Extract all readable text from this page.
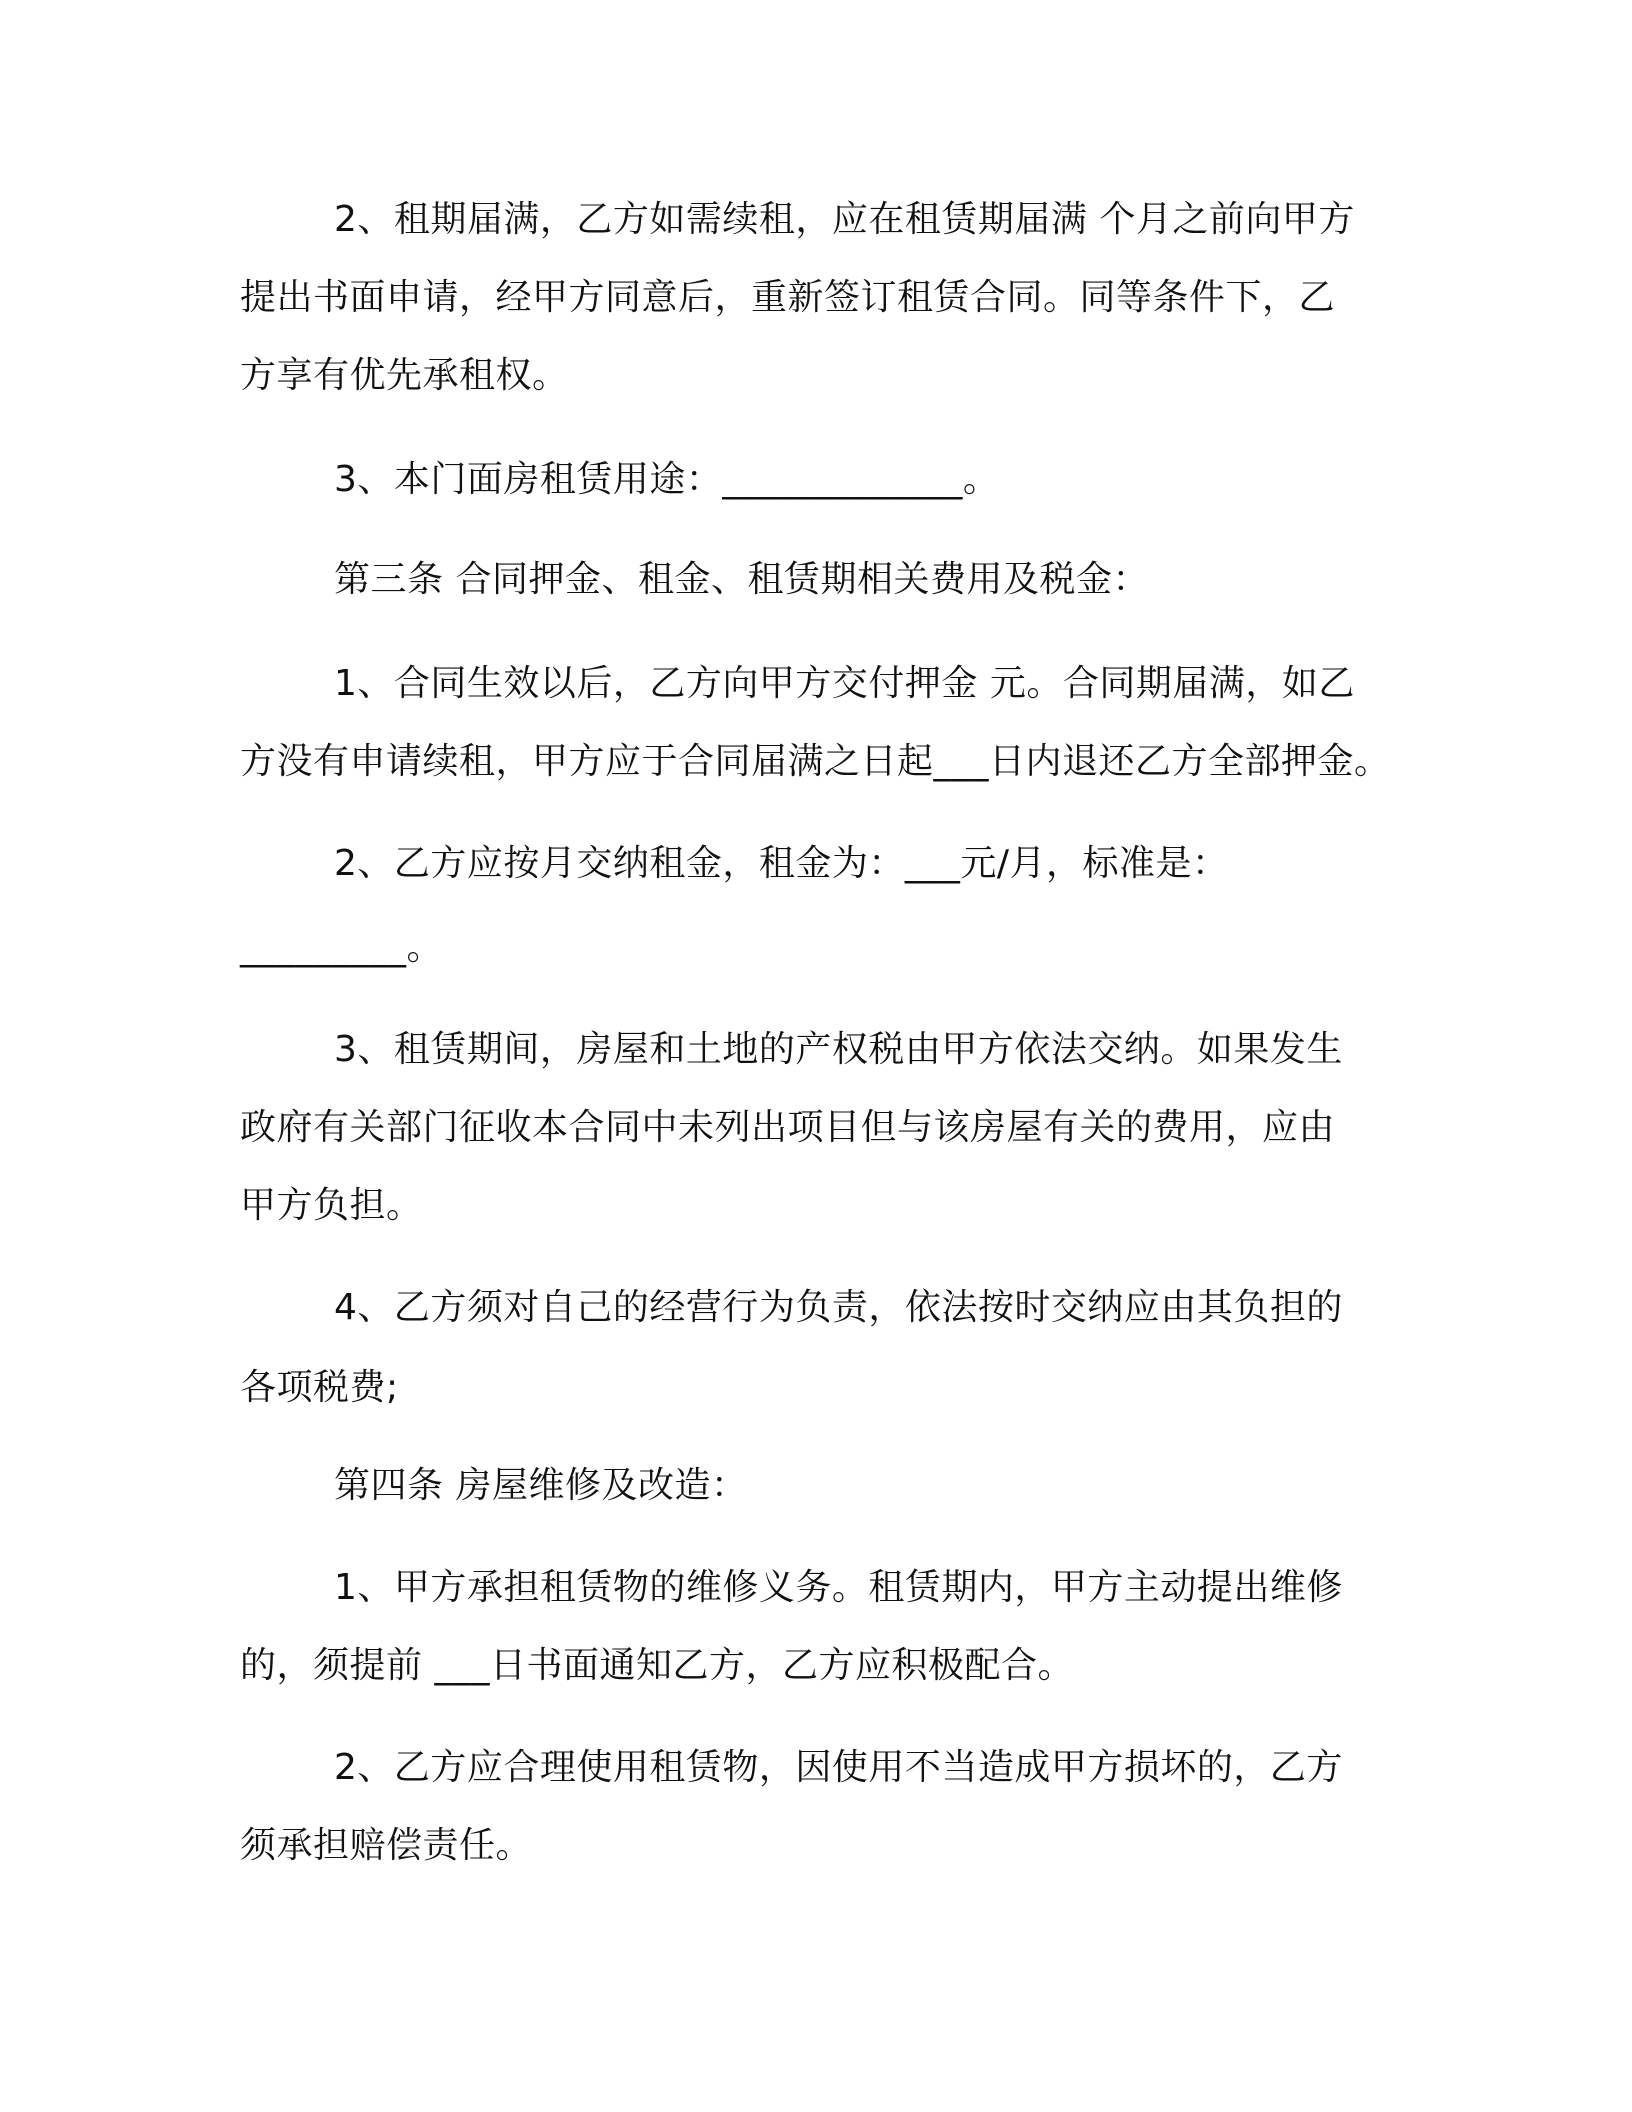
2、租期届满，乙方如需续租，应在租赁期届满 个月之前向甲方
提出书面申请，经甲方同意后，重新签订租赁合同。同等条件下，乙
方享有优先承租权。
3、本门面房租赁用途：_____________。
第三条 合同押金、租金、租赁期相关费用及税金：
1、合同生效以后，乙方向甲方交付押金 元。合同期届满，如乙
方没有申请续租，甲方应于合同届满之日起___日内退还乙方全部押金。
2、乙方应按月交纳租金，租金为：___元/月，标准是：
_________。
3、租赁期间，房屋和土地的产权税由甲方依法交纳。如果发生
政府有关部门征收本合同中未列出项目但与该房屋有关的费用，应由
甲方负担。
4、乙方须对自己的经营行为负责，依法按时交纳应由其负担的
各项税费;
第四条 房屋维修及改造：
1、甲方承担租赁物的维修义务。租赁期内，甲方主动提出维修
的，须提前 ___日书面通知乙方，乙方应积极配合。
2、乙方应合理使用租赁物，因使用不当造成甲方损坏的，乙方
须承担赔偿责任。
